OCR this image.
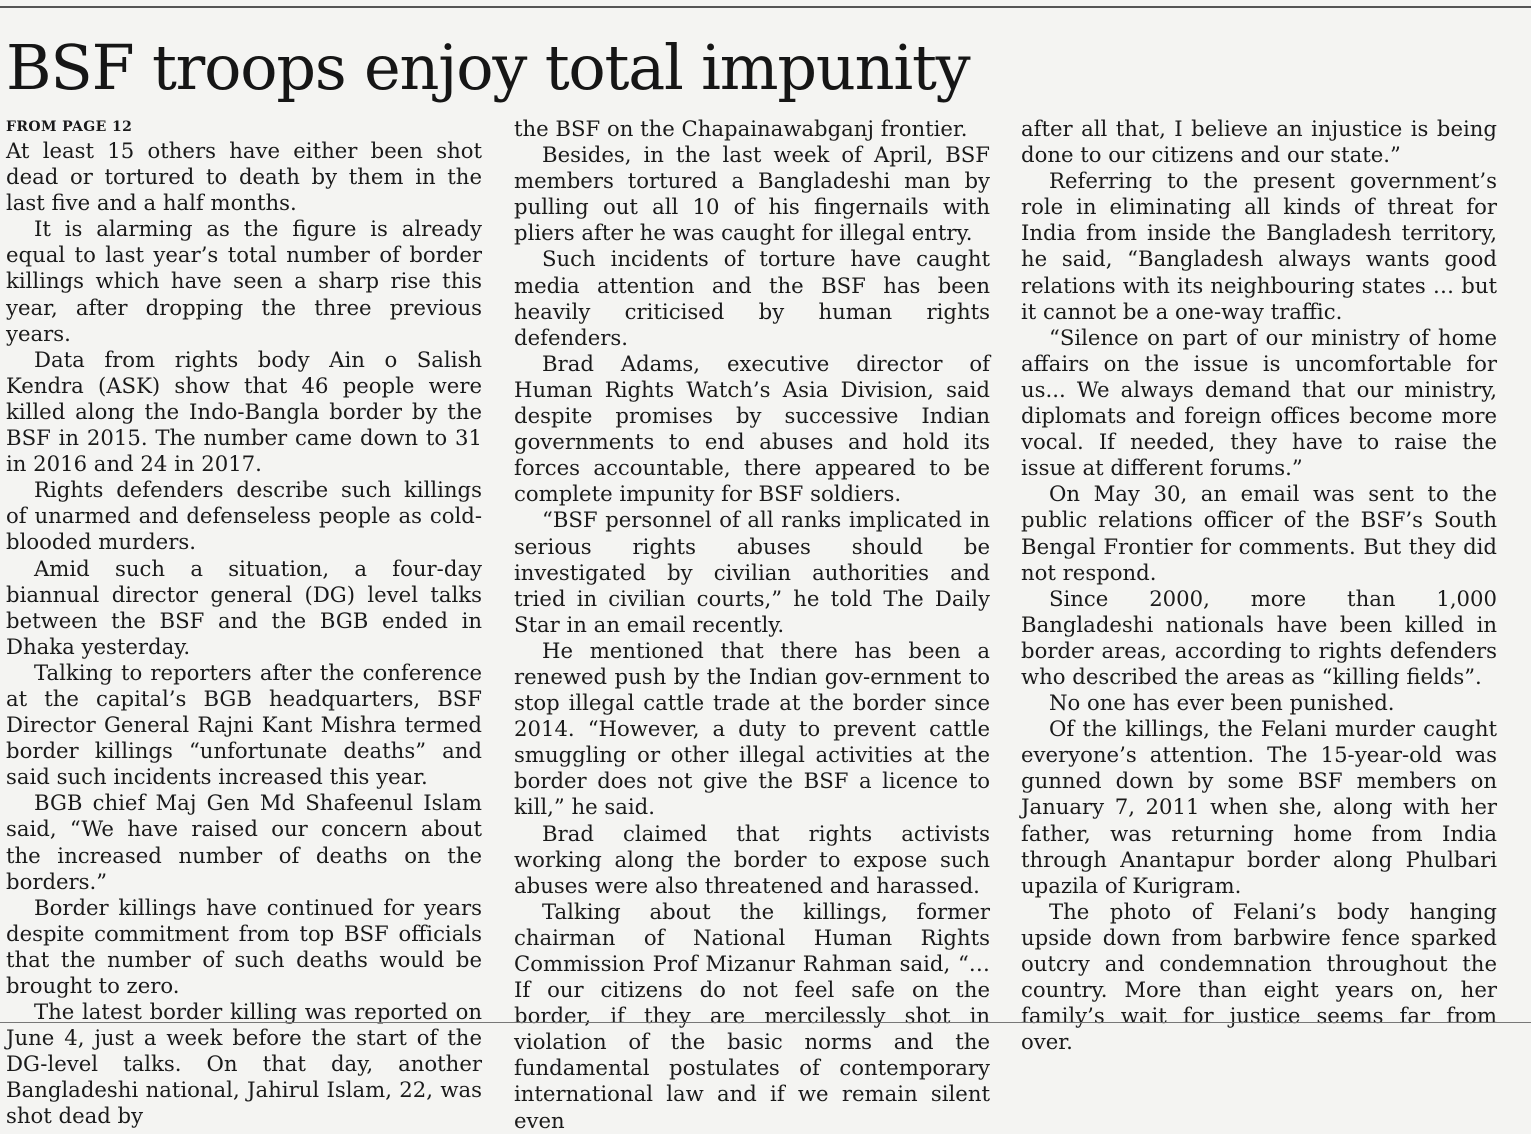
BSF troops enjoy total impunity
FROM PAGE 12

At least 15 others have either been shot dead or tortured to death by them in the last five and a half months.

It is alarming as the figure is already equal to last year’s total number of border killings which have seen a sharp rise this year, after dropping the three previous years.

Data from rights body Ain o Salish Kendra (ASK) show that 46 people were killed along the Indo-Bangla border by the BSF in 2015. The number came down to 31 in 2016 and 24 in 2017.

Rights defenders describe such killings of unarmed and defenseless people as cold-blooded murders.

Amid such a situation, a four-day biannual director general (DG) level talks between the BSF and the BGB ended in Dhaka yesterday.

Talking to reporters after the conference at the capital’s BGB headquarters, BSF Director General Rajni Kant Mishra termed border killings “unfortunate deaths” and said such incidents increased this year.

BGB chief Maj Gen Md Shafeenul Islam said, “We have raised our concern about the increased number of deaths on the borders.”

Border killings have continued for years despite commitment from top BSF officials that the number of such deaths would be brought to zero.

The latest border killing was reported on June 4, just a week before the start of the DG-level talks. On that day, another Bangladeshi national, Jahirul Islam, 22, was shot dead by

the BSF on the Chapainawabganj frontier.

Besides, in the last week of April, BSF members tortured a Bangladeshi man by pulling out all 10 of his fingernails with pliers after he was caught for illegal entry.

Such incidents of torture have caught media attention and the BSF has been heavily criticised by human rights defenders.

Brad Adams, executive director of Human Rights Watch’s Asia Division, said despite promises by successive Indian governments to end abuses and hold its forces accountable, there appeared to be complete impunity for BSF soldiers.

“BSF personnel of all ranks implicated in serious rights abuses should be investigated by civilian authorities and tried in civilian courts,” he told The Daily Star in an email recently.

He mentioned that there has been a renewed push by the Indian gov-ernment to stop illegal cattle trade at the border since 2014. “However, a duty to prevent cattle smuggling or other illegal activities at the border does not give the BSF a licence to kill,” he said.

Brad claimed that rights activists working along the border to expose such abuses were also threatened and harassed.

Talking about the killings, former chairman of National Human Rights Commission Prof Mizanur Rahman said, “… If our citizens do not feel safe on the border, if they are mercilessly shot in violation of the basic norms and the fundamental postulates of contemporary international law and if we remain silent even

after all that, I believe an injustice is being done to our citizens and our state.”

Referring to the present government’s role in eliminating all kinds of threat for India from inside the Bangladesh territory, he said, “Bangladesh always wants good relations with its neighbouring states … but it cannot be a one-way traffic.

“Silence on part of our ministry of home affairs on the issue is uncomfortable for us... We always demand that our ministry, diplomats and foreign offices become more vocal. If needed, they have to raise the issue at different forums.”

On May 30, an email was sent to the public relations officer of the BSF’s South Bengal Frontier for comments. But they did not respond.

Since 2000, more than 1,000 Bangladeshi nationals have been killed in border areas, according to rights defenders who described the areas as “killing fields”.

No one has ever been punished.

Of the killings, the Felani murder caught everyone’s attention. The 15-year-old was gunned down by some BSF members on January 7, 2011 when she, along with her father, was returning home from India through Anantapur border along Phulbari upazila of Kurigram.

The photo of Felani’s body hanging upside down from barbwire fence sparked outcry and condemnation throughout the country. More than eight years on, her family’s wait for justice seems far from over.
